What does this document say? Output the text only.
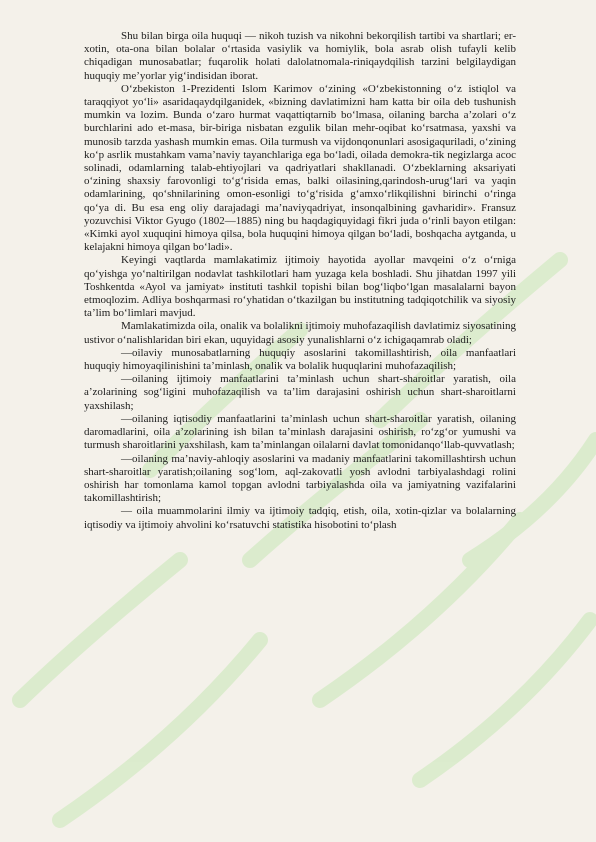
Shu bilan birga oila huquqi — nikoh tuzish va nikohni bekorqilish tartibi va shartlari; er-xotin, ota-ona bilan bolalar o‘rtasida vasiylik va homiylik, bola asrab olish tufayli kelib chiqadigan munosabatlar; fuqarolik holati dalolatnomala-riniqaydqilish tarzini belgilaydigan huquqiy me’yorlar yig‘indisidan iborat.

O‘zbekiston 1-Prezidenti Islom Karimov o‘zining «O‘zbekistonning o‘z istiqlol va taraqqiyot yo‘li» asaridaqaydqilganidek, «bizning davlatimizni ham katta bir oila deb tushunish mumkin va lozim. Bunda o‘zaro hurmat vaqattiqtarnib bo‘lmasa, oilaning barcha a’zolari o‘z burchlarini ado et-masa, bir-biriga nisbatan ezgulik bilan mehr-oqibat ko‘rsatmasa, yaxshi va munosib tarzda yashash mumkin emas. Oila turmush va vijdonqonunlari asosigaquriladi, o‘zining ko‘p asrlik mustahkam vama’naviy tayanchlariga ega bo‘ladi, oilada demokra-tik negizlarga acoc solinadi, odamlarning talab-ehtiyojlari va qadriyatlari shakllanadi. O‘zbeklarning aksariyati o‘zining shaxsiy farovonligi to‘g‘risida emas, balki oilasining,qarindosh-urug‘lari va yaqin odamlarining, qo‘shnilarining omon-esonligi to‘g‘risida g‘amxo‘rlikqilishni birinchi o‘ringa qo‘ya di. Bu esa eng oliy darajadagi ma’naviyqadriyat, insonqalbining gavharidir». Fransuz yozuvchisi Viktor Gyugo (1802—1885) ning bu haqdagiquyidagi fikri juda o‘rinli bayon etilgan: «Kimki ayol xuquqini himoya qilsa, bola huquqini himoya qilgan bo‘ladi, boshqacha aytganda, u kelajakni himoya qilgan bo‘ladi».

Keyingi vaqtlarda mamlakatimiz ijtimoiy hayotida ayollar mavqeini o‘z o‘rniga qo‘yishga yo‘naltirilgan nodavlat tashkilotlari ham yuzaga kela boshladi. Shu jihatdan 1997 yili Toshkentda «Ayol va jamiyat» instituti tashkil topishi bilan bog‘liqbo‘lgan masalalarni bayon etmoqlozim. Adliya boshqarmasi ro‘yhatidan o‘tkazilgan bu institutning tadqiqotchilik va siyosiy ta’lim bo‘limlari mavjud.

Mamlakatimizda oila, onalik va bolalikni ijtimoiy muhofazaqilish davlatimiz siyosatining ustivor o‘nalishlaridan biri ekan, uquyidagi asosiy yunalishlarni o‘z ichigaqamrab oladi;

—oilaviy munosabatlarning huquqiy asoslarini takomillashtirish, oila manfaatlari huquqiy himoyaqilinishini ta’minlash, onalik va bolalik huquqlarini muhofazaqilish;

—oilaning ijtimoiy manfaatlarini ta’minlash uchun shart-sharoitlar yaratish, oila a’zolarining sog‘ligini muhofazaqilish va ta’lim darajasini oshirish uchun shart-sharoitlarni yaxshilash;

—oilaning iqtisodiy manfaatlarini ta’minlash uchun shart-sharoitlar yaratish, oilaning daromadlarini, oila a’zolarining ish bilan ta’minlash darajasini oshirish, ro‘zg‘or yumushi va turmush sharoitlarini yaxshilash, kam ta’minlangan oilalarni davlat tomonidanqo‘llab-quvvatlash;

—oilaning ma’naviy-ahloqiy asoslarini va madaniy manfaatlarini takomillashtirsh uchun shart-sharoitlar yaratish;oilaning sog‘lom, aql-zakovatli yosh avlodni tarbiyalashdagi rolini oshirish har tomonlama kamol topgan avlodni tarbiyalashda oila va jamiyatning vazifalarini takomillashtirish;

— oila muammolarini ilmiy va ijtimoiy tadqiq, etish, oila, xotin-qizlar va bolalarning iqtisodiy va ijtimoiy ahvolini ko‘rsatuvchi statistika hisobotini to‘plash
